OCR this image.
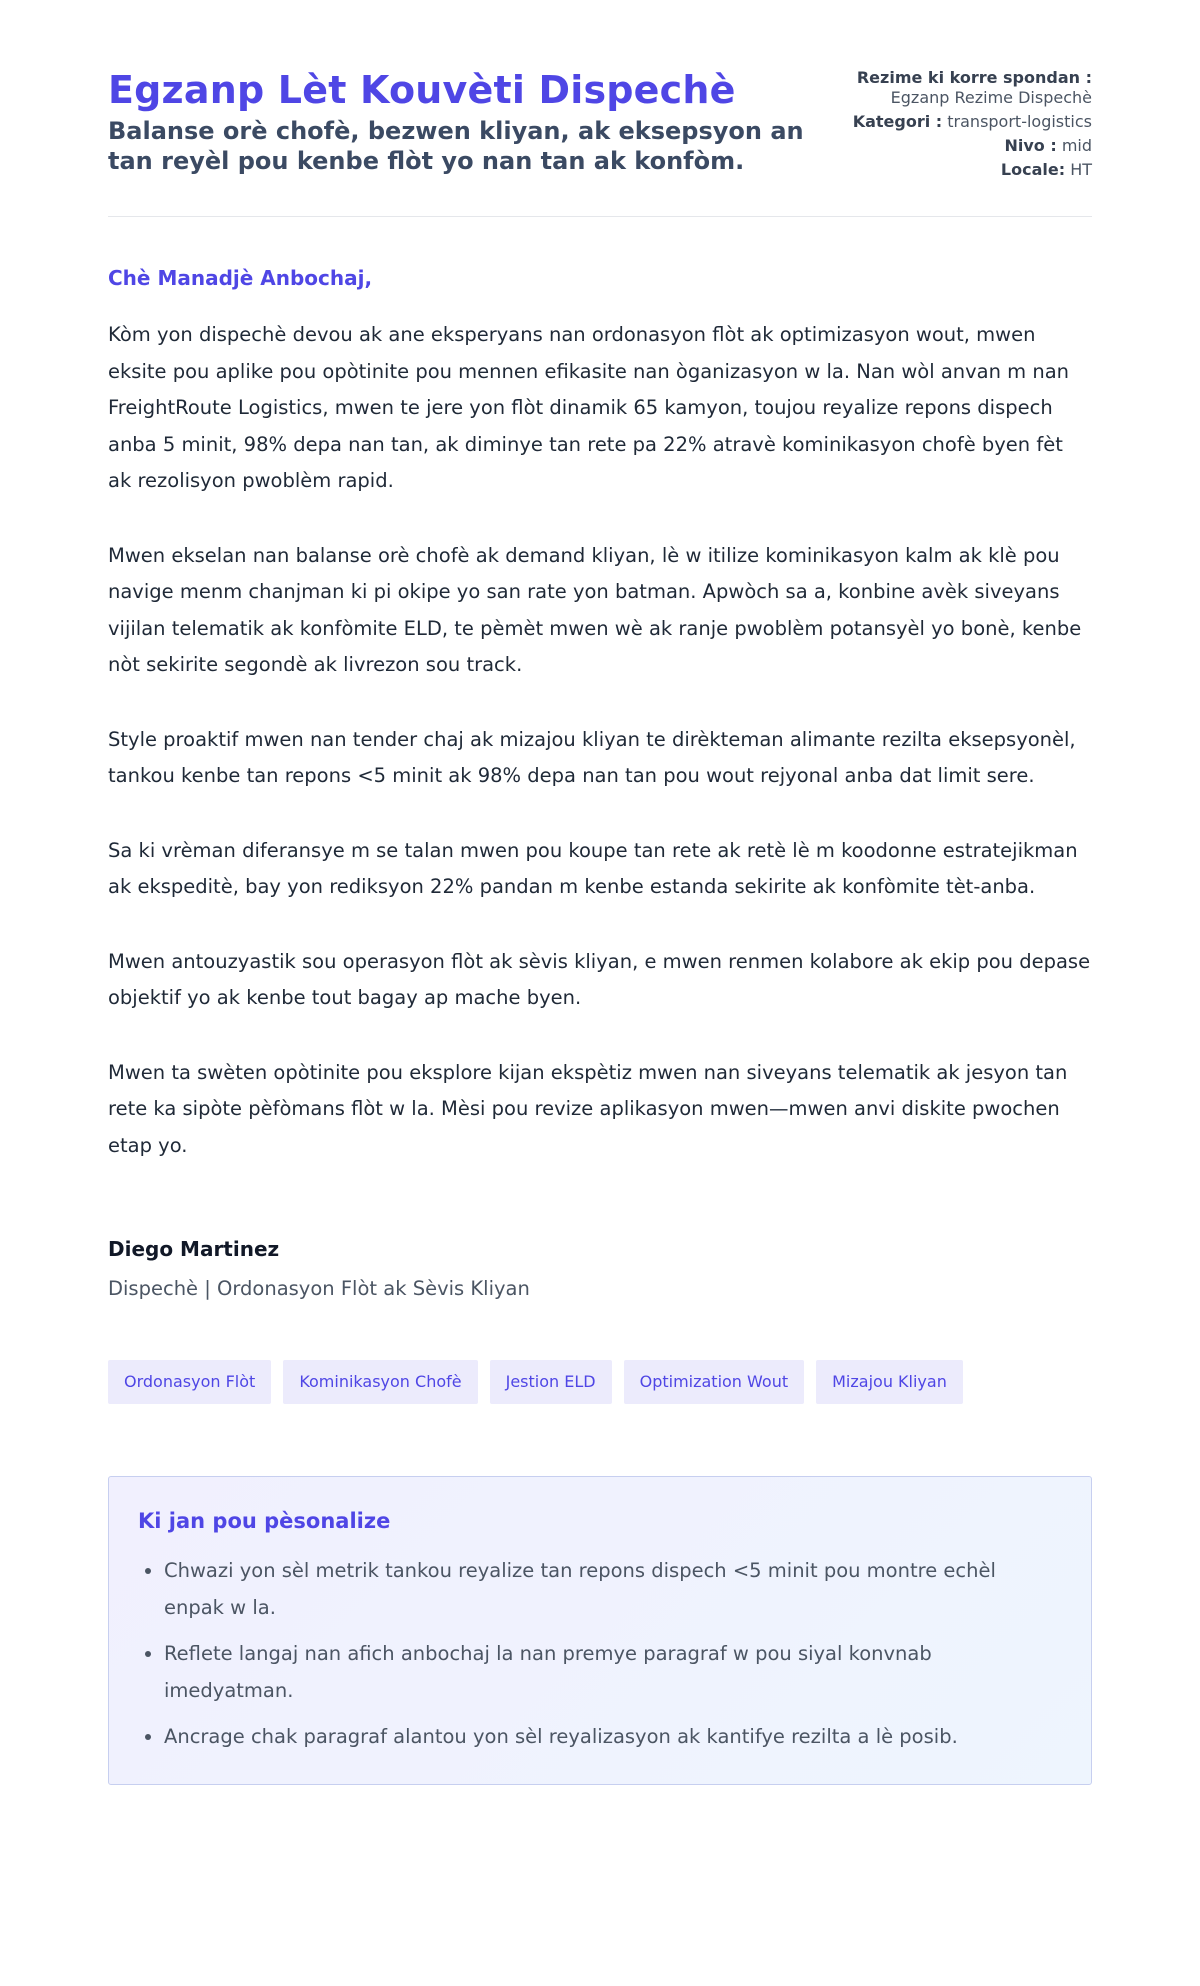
Egzanp Lèt Kouvèti Dispechè
Balanse orè chofè, bezwen kliyan, ak eksepsyon an tan reyèl pou kenbe flòt yo nan tan ak konfòm.
Rezime ki korre spondan : Egzanp Rezime Dispechè
Kategori : transport-logistics
Nivo : mid
Locale: HT
Chè Manadjè Anbochaj,

Kòm yon dispechè devou ak ane eksperyans nan ordonasyon flòt ak optimizasyon wout, mwen eksite pou aplike pou opòtinite pou mennen efikasite nan òganizasyon w la. Nan wòl anvan m nan FreightRoute Logistics, mwen te jere yon flòt dinamik 65 kamyon, toujou reyalize repons dispech anba 5 minit, 98% depa nan tan, ak diminye tan rete pa 22% atravè kominikasyon chofè byen fèt ak rezolisyon pwoblèm rapid.

Mwen ekselan nan balanse orè chofè ak demand kliyan, lè w itilize kominikasyon kalm ak klè pou navige menm chanjman ki pi okipe yo san rate yon batman. Apwòch sa a, konbine avèk siveyans vijilan telematik ak konfòmite ELD, te pèmèt mwen wè ak ranje pwoblèm potansyèl yo bonè, kenbe nòt sekirite segondè ak livrezon sou track.

Style proaktif mwen nan tender chaj ak mizajou kliyan te dirèkteman alimante rezilta eksepsyonèl, tankou kenbe tan repons <5 minit ak 98% depa nan tan pou wout rejyonal anba dat limit sere.

Sa ki vrèman diferansye m se talan mwen pou koupe tan rete ak retè lè m koodonne estratejikman ak ekspeditè, bay yon rediksyon 22% pandan m kenbe estanda sekirite ak konfòmite tèt-anba.

Mwen antouzyastik sou operasyon flòt ak sèvis kliyan, e mwen renmen kolabore ak ekip pou depase objektif yo ak kenbe tout bagay ap mache byen.

Mwen ta swèten opòtinite pou eksplore kijan ekspètiz mwen nan siveyans telematik ak jesyon tan rete ka sipòte pèfòmans flòt w la. Mèsi pou revize aplikasyon mwen—mwen anvi diskite pwochen etap yo.

Diego Martinez
Dispechè | Ordonasyon Flòt ak Sèvis Kliyan
Ordonasyon Flòt	Kominikasyon Chofè	Jestion ELD	Optimization Wout	Mizajou Kliyan
Ki jan pou pèsonalize
• Chwazi yon sèl metrik tankou reyalize tan repons dispech <5 minit pou montre echèl enpak w la.
• Reflete langaj nan afich anbochaj la nan premye paragraf w pou siyal konvnab imedyatman.
• Ancrage chak paragraf alantou yon sèl reyalizasyon ak kantifye rezilta a lè posib.
